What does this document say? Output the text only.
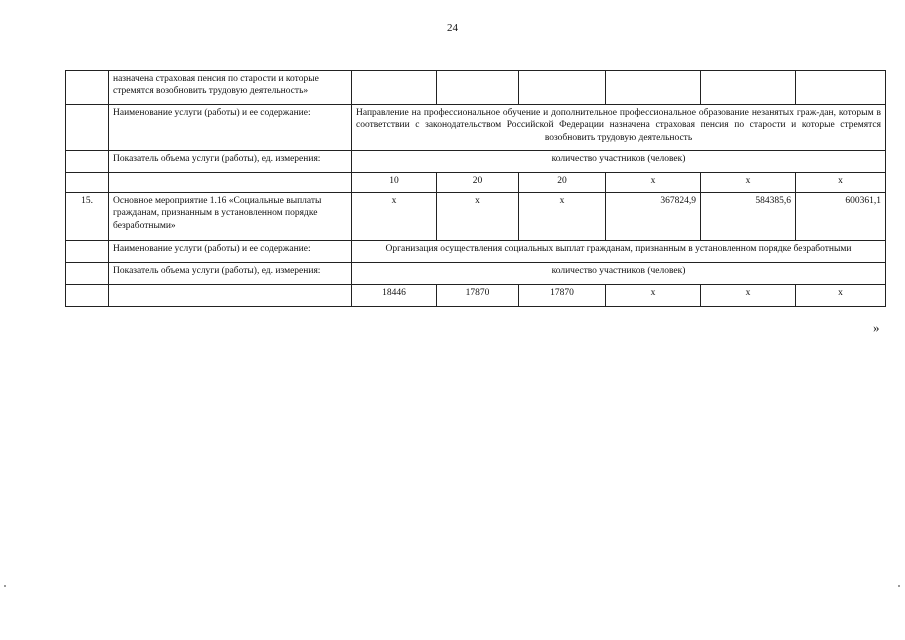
24
	назначена страховая пенсия по старости и которые стремятся возобновить трудовую деятельность»						
	Наименование услуги (работы) и ее содержание:	Направление на профессиональное обучение и дополнительное профессиональное образование незанятых граж-дан, которым в соответствии с законодательством Российской Федерации назначена страховая пенсия по старости и которые стремятся возобновить трудовую деятельность					
	Показатель объема услуги (работы), ед. измерения:	количество участников (человек)					
		10	20	20	х	х	х
15.	Основное мероприятие 1.16 «Социальные выплаты гражданам, признанным в установленном порядке безработными»	х	х	х	367824,9	584385,6	600361,1
	Наименование услуги (работы) и ее содержание:	Организация осуществления социальных выплат гражданам, признанным в установленном порядке безработными					
	Показатель объема услуги (работы), ед. измерения:	количество участников (человек)					
		18446	17870	17870	х	х	х
»
